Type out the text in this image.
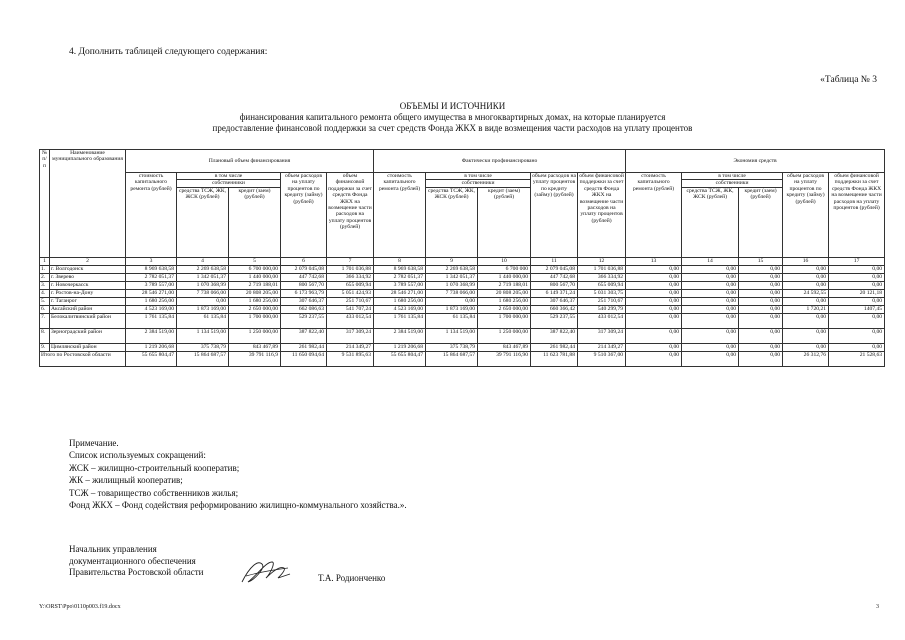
4. Дополнить таблицей следующего содержания:
«Таблица № 3
ОБЪЕМЫ И ИСТОЧНИКИ
финансирования капитального ремонта общего имущества в многоквартирных домах, на которые планируется
предоставление финансовой поддержки за счет средств Фонда ЖКХ в виде возмещения части расходов на уплату процентов
№ п/п	Наименование муниципального образования	Плановый объем финансирования					Фактически профинансировано					Экономия средств				
		стоимость капитального ремонта (рублей)	в том числе		объем расходов на уплату процентов по кредиту (займу) (рублей)	объем финансовой поддержки за счет средств Фонда ЖКХ на возмещение части расходов на уплату процентов (рублей)	стоимость капитального ремонта (рублей)	в том числе		объем расходов на уплату процентов по кредиту (займу) (рублей)	объем финансовой поддержки за счет средств Фонда ЖКХ на возмещение части расходов на уплату процентов (рублей)	стоимость капитального ремонта (рублей)	в том числе		объем расходов на уплату процентов по кредиту (займу) (рублей)	объем финансовой поддержки за счет средств Фонда ЖКХ на возмещение части расходов на уплату процентов (рублей)
			собственники					собственники					собственники			
			средства ТСЖ, ЖК, ЖСК (рублей)	кредит (заем) (рублей)				средства ТСЖ, ЖК, ЖСК (рублей)	кредит (заем) (рублей)				средства ТСЖ, ЖК, ЖСК (рублей)	кредит (заем) (рублей)		
1	2	3	4	5	6	7	8	9	10	11	12	13	14	15	16	17
1.	г. Волгодонск	8 969 638,58	2 269 638,58	6 700 000,00	2 079 045,08	1 701 036,88	8 969 638,58	2 269 638,58	6 700 000	2 079 045,08	1 701 036,88	0,00	0,00	0,00	0,00	0,00
2.	г. Зверево	2 782 051,37	1 342 051,37	1 440 000,00	447 742,68	366 334,92	2 782 051,37	1 342 051,37	1 440 000,00	447 742,68	366 334,92	0,00	0,00	0,00	0,00	0,00
3.	г. Новочеркасск	3 789 557,00	1 070 368,99	2 719 188,01	800 567,70	655 009,94	3 789 557,00	1 070 368,99	2 719 188,01	800 567,70	655 009,94	0,00	0,00	0,00	0,00	0,00
4.	г. Ростов-на-Дону	28 546 271,00	7 738 066,00	20 808 205,00	6 173 963,79	5 051 424,93	28 546 271,00	7 738 066,00	20 808 205,00	6 149 371,24	5 031 303,75	0,00	0,00	0,00	24 592,55	20 121,18
5.	г. Таганрог	1 680 256,00	0,00	1 680 256,00	307 646,37	251 710,67	1 680 256,00	0,00	1 680 256,00	307 646,37	251 710,67	0,00	0,00	0,00	0,00	0,00
6.	Аксайский район	4 523 169,00	1 873 169,00	2 650 000,00	662 086,63	541 707,24	4 523 169,00	1 873 169,00	2 650 000,00	660 366,42	540 299,79	0,00	0,00	0,00	1 720,21	1407,45
7.	Белокалитвинский район	1 761 135,84	61 135,84	1 700 000,00	529 237,55	433 012,54	1 761 135,84	61 135,84	1 700 000,00	529 237,55	433 012,54	0,00	0,00	0,00	0,00	0,00
8.	Зерноградский район	2 384 519,00	1 134 519,00	1 250 000,00	387 822,40	317 309,24	2 384 519,00	1 134 519,00	1 250 000,00	387 822,40	317 309,24	0,00	0,00	0,00	0,00	0,00
9.	Цимлянский район	1 219 206,68	375 738,79	843 467,89	261 982,44	214 349,27	1 219 206,68	375 738,79	843 467,89	261 982,44	214 349,27	0,00	0,00	0,00	0,00	0,00
Итого по Ростовской области		55 655 804,47	15 864 687,57	39 791 116,9	11 650 094,64	9 531 895,63	55 655 804,47	15 864 687,57	39 791 116,90	11 623 781,88	9 510 367,00	0,00	0,00	0,00	26 312,76	21 528,63
Примечание.
Список используемых сокращений:
ЖСК – жилищно-строительный кооператив;
ЖК – жилищный кооператив;
ТСЖ – товарищество собственников жилья;
Фонд ЖКХ – Фонд содействия реформированию жилищно-коммунального хозяйства.».
Начальник управления
документационного обеспечения
Правительства Ростовской области
Т.А. Родионченко
Y:\ORST\Ppo\0110p003.f19.docx	3
